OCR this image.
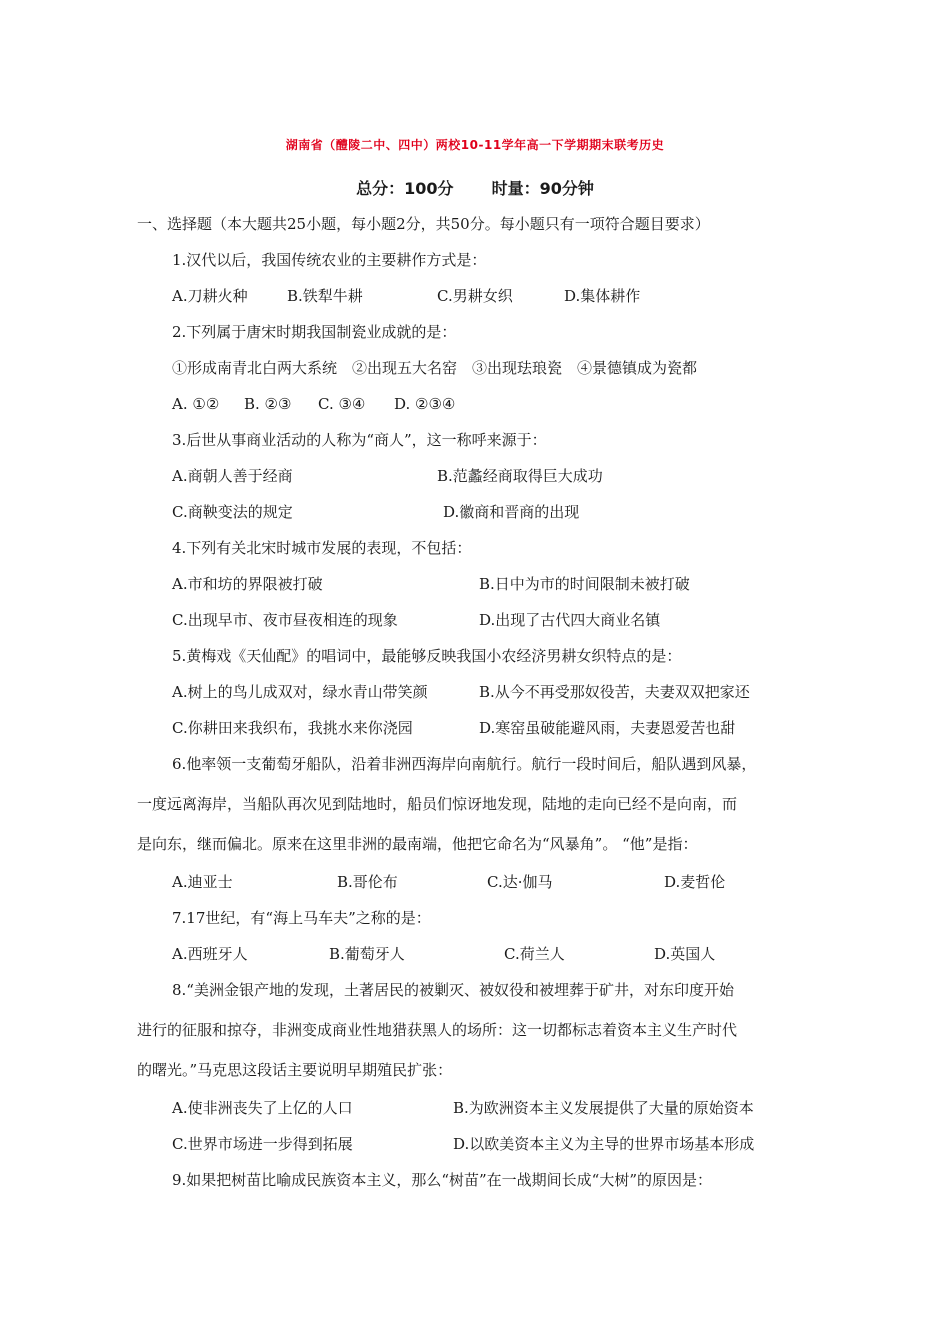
湖南省（醴陵二中、四中）两校10-11学年高一下学期期末联考历史
总分：100分 时量：90分钟
一、选择题（本大题共25小题，每小题2分，共50分。每小题只有一项符合题目要求）
1.汉代以后，我国传统农业的主要耕作方式是：
A.刀耕火种	B.铁犁牛耕	C.男耕女织	D.集体耕作
2.下列属于唐宋时期我国制瓷业成就的是：
①形成南青北白两大系统　②出现五大名窑　③出现珐琅瓷　④景德镇成为瓷都
A. ①② B. ②③ C. ③④ D. ②③④
3.后世从事商业活动的人称为“商人”，这一称呼来源于：
A.商朝人善于经商	B.范蠡经商取得巨大成功
C.商鞅变法的规定	D.徽商和晋商的出现
4.下列有关北宋时城市发展的表现，不包括：
A.市和坊的界限被打破	B.日中为市的时间限制未被打破
C.出现早市、夜市昼夜相连的现象	D.出现了古代四大商业名镇
5.黄梅戏《天仙配》的唱词中，最能够反映我国小农经济男耕女织特点的是：
A.树上的鸟儿成双对，绿水青山带笑颜	B.从今不再受那奴役苦，夫妻双双把家还
C.你耕田来我织布，我挑水来你浇园	D.寒窑虽破能避风雨，夫妻恩爱苦也甜
6.他率领一支葡萄牙船队，沿着非洲西海岸向南航行。航行一段时间后，船队遇到风暴，
一度远离海岸，当船队再次见到陆地时，船员们惊讶地发现，陆地的走向已经不是向南，而
是向东，继而偏北。原来在这里非洲的最南端，他把它命名为“风暴角”。 “他”是指：
A.迪亚士	B.哥伦布	C.达·伽马	D.麦哲伦
7.17世纪，有“海上马车夫”之称的是：
A.西班牙人	B.葡萄牙人	C.荷兰人	D.英国人
8.“美洲金银产地的发现，土著居民的被剿灭、被奴役和被埋葬于矿井，对东印度开始
进行的征服和掠夺，非洲变成商业性地猎获黑人的场所：这一切都标志着资本主义生产时代
的曙光。”马克思这段话主要说明早期殖民扩张：
A.使非洲丧失了上亿的人口	B.为欧洲资本主义发展提供了大量的原始资本
C.世界市场进一步得到拓展	D.以欧美资本主义为主导的世界市场基本形成
9.如果把树苗比喻成民族资本主义，那么“树苗”在一战期间长成“大树”的原因是：
